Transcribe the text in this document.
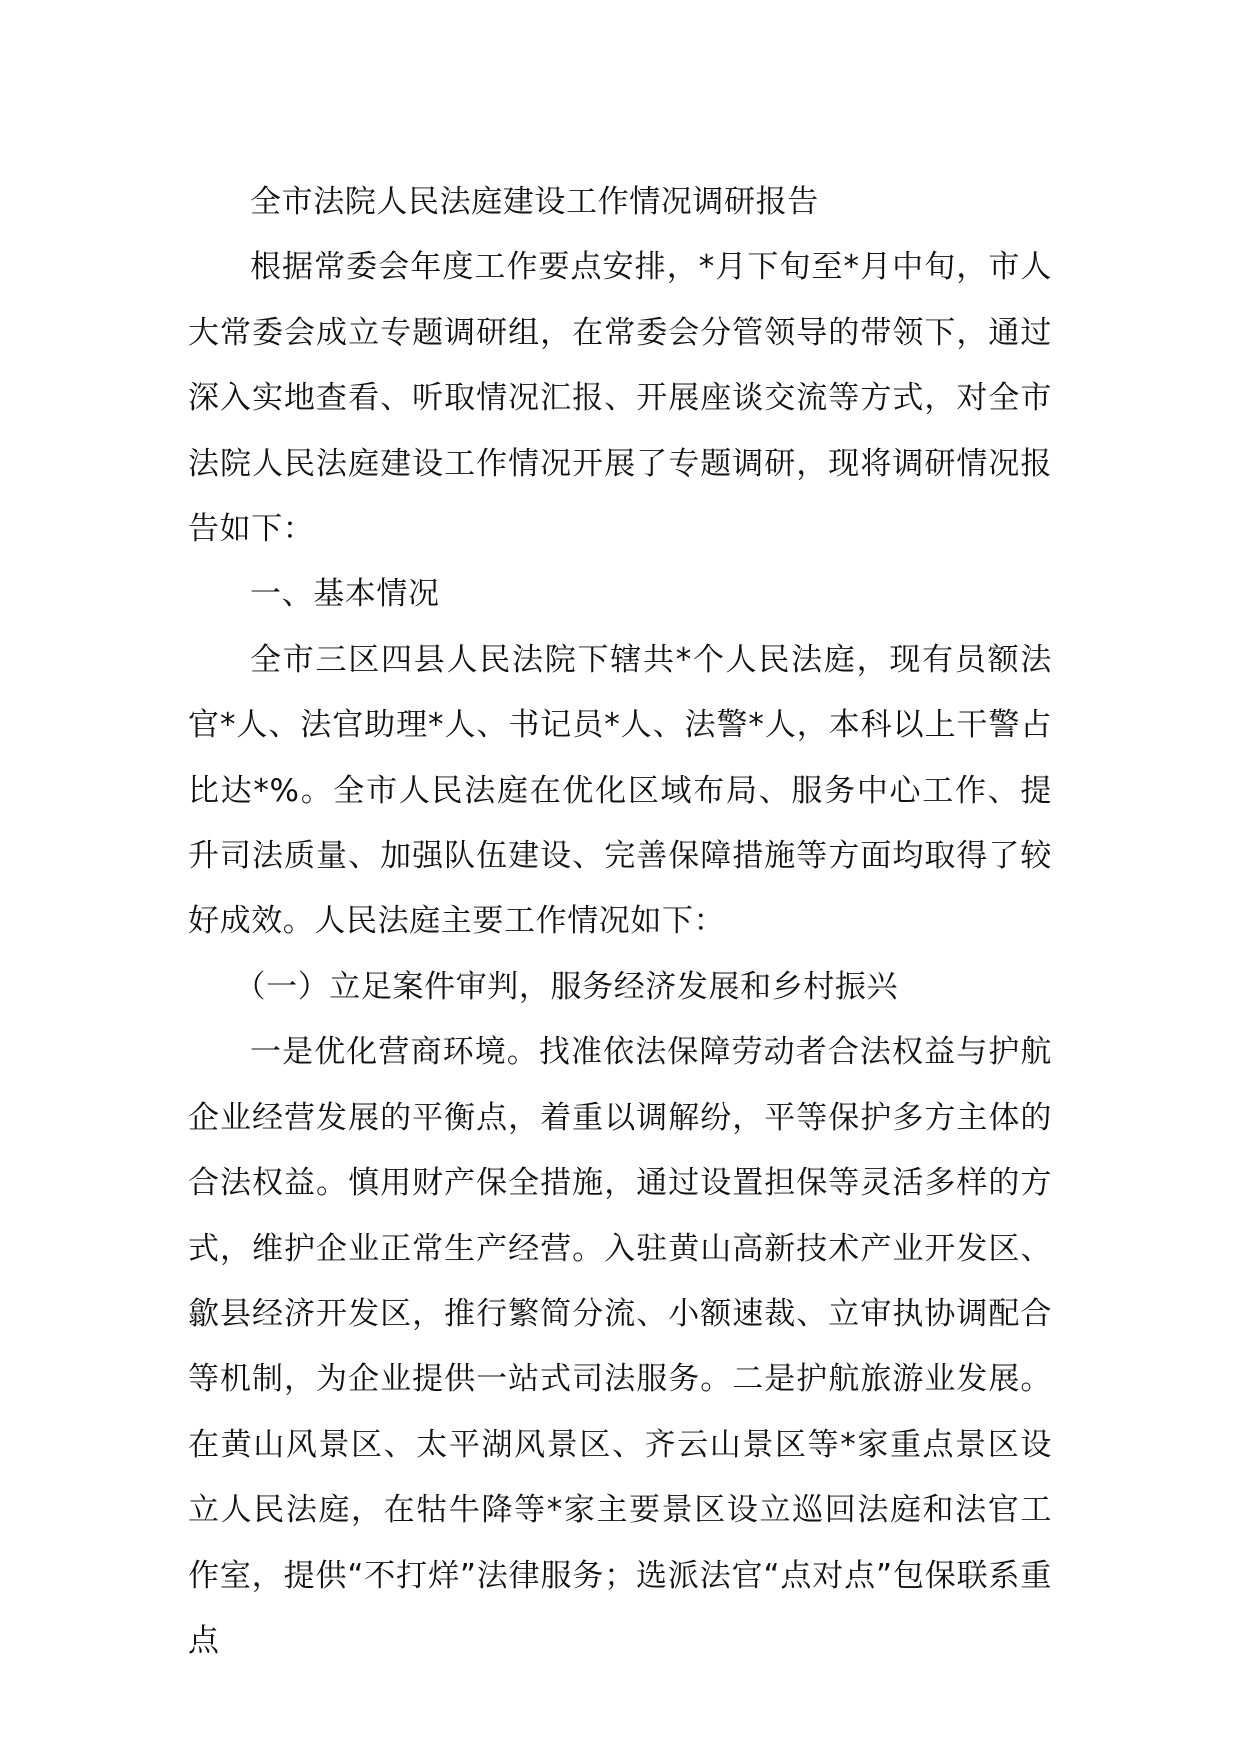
全市法院人民法庭建设工作情况调研报告

根据常委会年度工作要点安排，*月下旬至*月中旬，市人大常委会成立专题调研组，在常委会分管领导的带领下，通过深入实地查看、听取情况汇报、开展座谈交流等方式，对全市法院人民法庭建设工作情况开展了专题调研，现将调研情况报告如下：

一、基本情况

全市三区四县人民法院下辖共*个人民法庭，现有员额法官*人、法官助理*人、书记员*人、法警*人，本科以上干警占比达*%。全市人民法庭在优化区域布局、服务中心工作、提升司法质量、加强队伍建设、完善保障措施等方面均取得了较好成效。人民法庭主要工作情况如下：

（一）立足案件审判，服务经济发展和乡村振兴

一是优化营商环境。找准依法保障劳动者合法权益与护航企业经营发展的平衡点，着重以调解纷，平等保护多方主体的合法权益。慎用财产保全措施，通过设置担保等灵活多样的方式，维护企业正常生产经营。入驻黄山高新技术产业开发区、歙县经济开发区，推行繁简分流、小额速裁、立审执协调配合等机制，为企业提供一站式司法服务。二是护航旅游业发展。在黄山风景区、太平湖风景区、齐云山景区等*家重点景区设立人民法庭，在牯牛降等*家主要景区设立巡回法庭和法官工作室，提供“不打烊”法律服务；选派法官“点对点”包保联系重点
